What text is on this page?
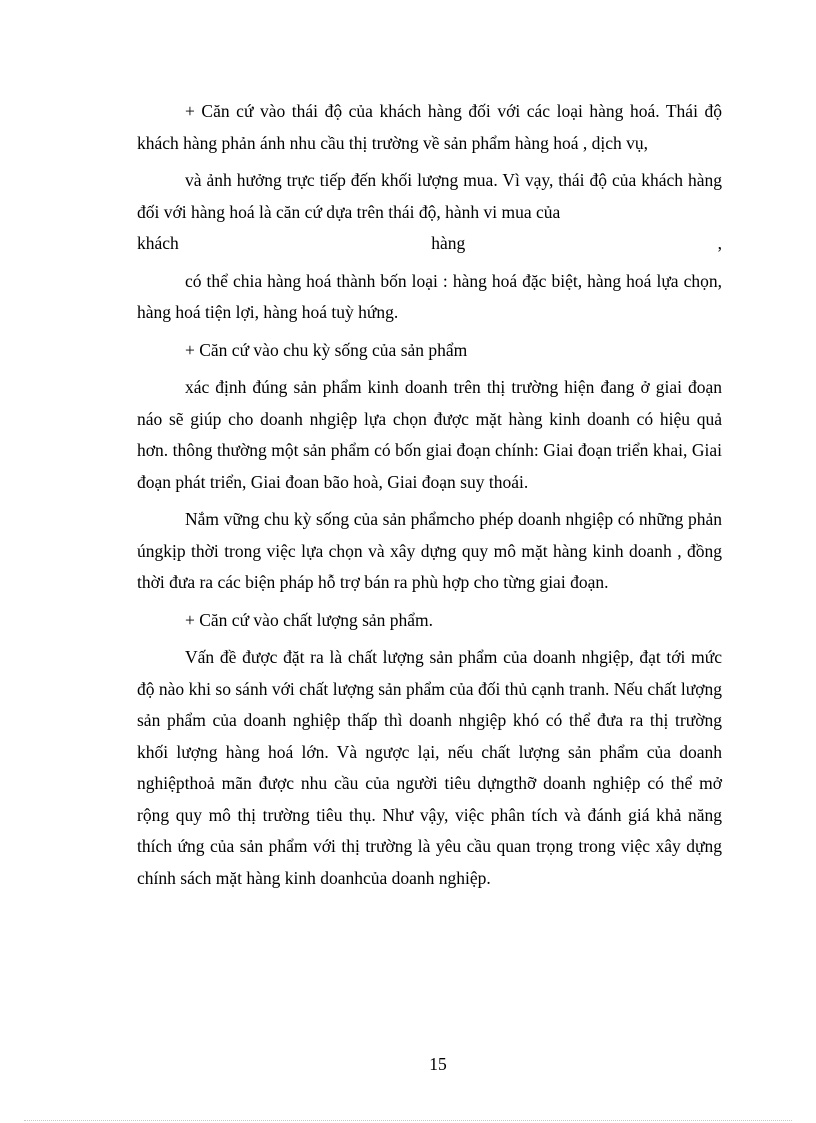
+ Căn cứ vào thái độ của khách hàng đối với các loại hàng hoá. Thái độ khách hàng phản ánh nhu cầu thị trường về sản phẩm hàng hoá , dịch vụ,

và ảnh hưởng trực tiếp đến khối lượng mua. Vì vạy, thái độ của khách hàng đối với hàng hoá là căn cứ dựa trên thái độ, hành vi mua của

khách hàng ,

có thể chia hàng hoá thành bốn loại : hàng hoá đặc biệt, hàng hoá lựa chọn, hàng hoá tiện lợi, hàng hoá tuỳ hứng.

+ Căn cứ vào chu kỳ sống của sản phẩm

xác định đúng sản phẩm kinh doanh trên thị trường hiện đang ở giai đoạn náo sẽ giúp cho doanh nhgiệp lựa chọn được mặt hàng kinh doanh có hiệu quả hơn. thông thường một sản phẩm có bốn giai đoạn chính: Giai đoạn triển khai, Giai đoạn phát triển, Giai đoan bão hoà, Giai đoạn suy thoái.

Nắm vững chu kỳ sống của sản phẩmcho phép doanh nhgiệp có những phản úngkịp thời trong việc lựa chọn và xây dựng quy mô mặt hàng kinh doanh , đồng thời đưa ra các biện pháp hỗ trợ bán ra phù hợp cho từng giai đoạn.

+ Căn cứ vào chất lượng sản phẩm.

Vấn đề được đặt ra là chất lượng sản phẩm của doanh nhgiệp, đạt tới mức độ nào khi so sánh với chất lượng sản phẩm của đối thủ cạnh tranh. Nếu chất lượng sản phẩm của doanh nghiệp thấp thì doanh nhgiệp khó có thể đưa ra thị trường khối lượng hàng hoá lớn. Và ngược lại, nếu chất lượng sản phẩm của doanh nghiệpthoả mãn được nhu cầu của người tiêu dựngthỡ doanh nghiệp có thể mở rộng quy mô thị trường tiêu thụ. Như vậy, việc phân tích và đánh giá khả năng thích ứng của sản phẩm với thị trường là yêu cầu quan trọng trong việc xây dựng chính sách mặt hàng kinh doanhcủa doanh nghiệp.

15
